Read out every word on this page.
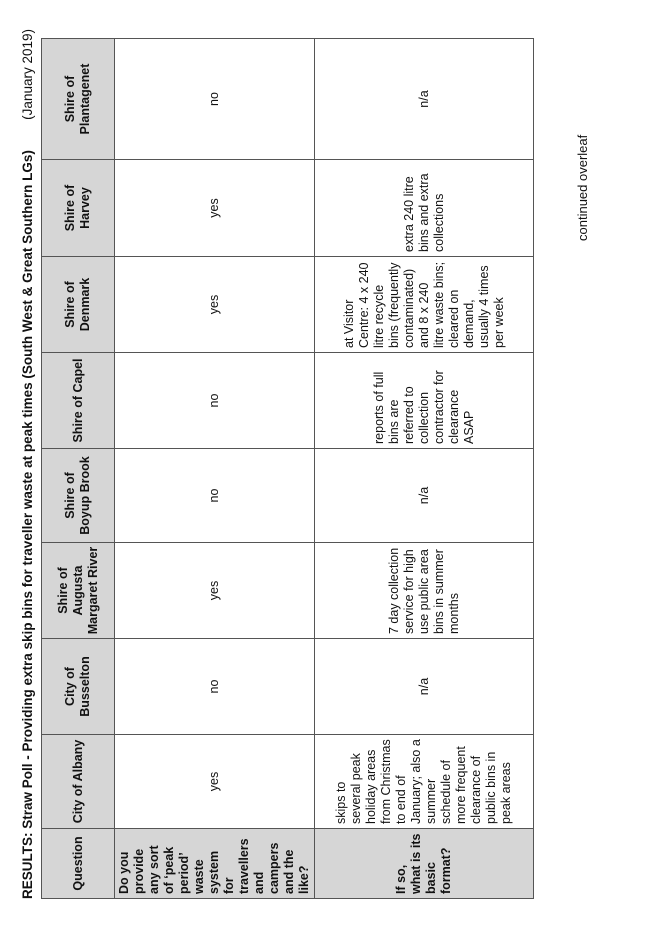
RESULTS: Straw Poll - Providing extra skip bins for traveller waste at peak times (South West & Great Southern LGs)
(January 2019)
Question	City of Albany	City of Busselton	Shire of Augusta Margaret River	Shire of Boyup Brook	Shire of Capel	Shire of Denmark	Shire of Harvey	Shire of Plantagenet
Do you provide any sort of ‘peak period’ waste system for travellers and campers and the like?	yes	no	yes	no	no	yes	yes	no
If so, what is its basic format?	skips to several peak holiday areas from Christmas to end of January; also a summer schedule of more frequent clearance of public bins in peak areas	n/a	7 day collection service for high use public area bins in summer months	n/a	reports of full bins are referred to collection contractor for clearance ASAP	at Visitor Centre: 4 x 240 litre recycle bins (frequently contaminated) and 8 x 240 litre waste bins; cleared on demand, usually 4 times per week	extra 240 litre bins and extra collections	n/a
continued overleaf
